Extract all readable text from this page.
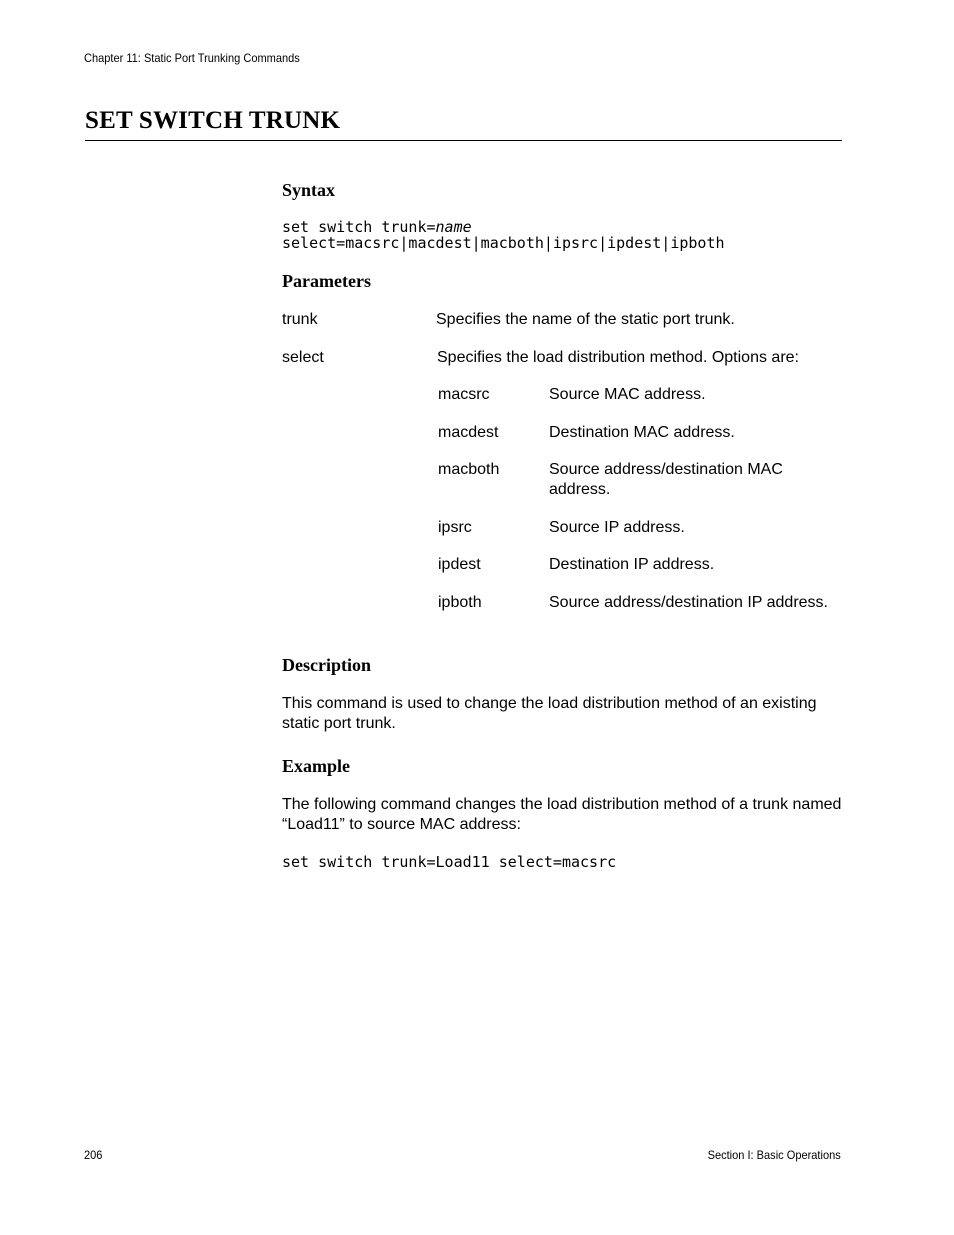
Chapter 11: Static Port Trunking Commands
SET SWITCH TRUNK
Syntax
set switch trunk=name
select=macsrc|macdest|macboth|ipsrc|ipdest|ipboth
Parameters
trunk	Specifies the name of the static port trunk.
select	Specifies the load distribution method. Options are:
macsrc	Source MAC address.
macdest	Destination MAC address.
macboth	Source address/destination MAC address.
ipsrc	Source IP address.
ipdest	Destination IP address.
ipboth	Source address/destination IP address.
Description
This command is used to change the load distribution method of an existing static port trunk.
Example
The following command changes the load distribution method of a trunk named “Load11” to source MAC address:
set switch trunk=Load11 select=macsrc
206	Section I: Basic Operations
